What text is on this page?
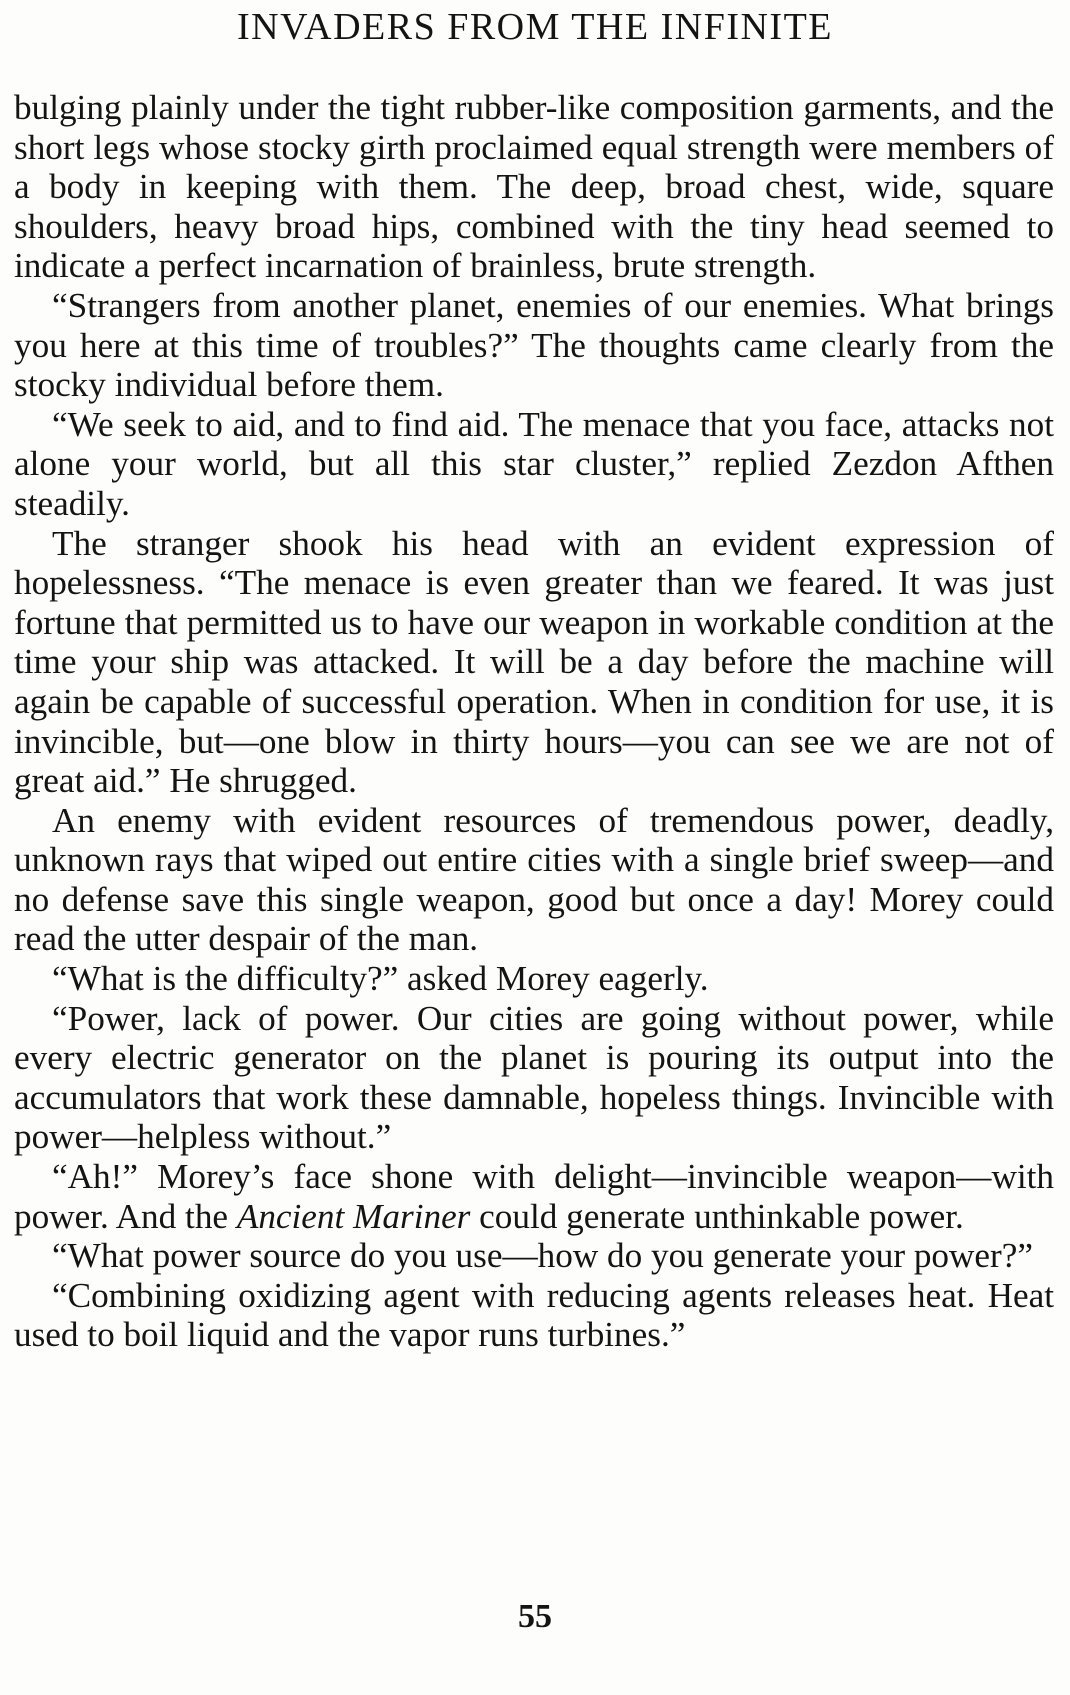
INVADERS FROM THE INFINITE

bulging plainly under the tight rubber-like composition garments, and the short legs whose stocky girth proclaimed equal strength were members of a body in keeping with them. The deep, broad chest, wide, square shoulders, heavy broad hips, combined with the tiny head seemed to indicate a perfect incarnation of brainless, brute strength.

“Strangers from another planet, enemies of our enemies. What brings you here at this time of troubles?” The thoughts came clearly from the stocky individual before them.

“We seek to aid, and to find aid. The menace that you face, attacks not alone your world, but all this star cluster,” replied Zezdon Afthen steadily.

The stranger shook his head with an evident expression of hopelessness. “The menace is even greater than we feared. It was just fortune that permitted us to have our weapon in workable condition at the time your ship was attacked. It will be a day before the machine will again be capable of successful operation. When in condition for use, it is invincible, but—one blow in thirty hours—you can see we are not of great aid.” He shrugged.

An enemy with evident resources of tremendous power, deadly, unknown rays that wiped out entire cities with a single brief sweep—and no defense save this single weapon, good but once a day! Morey could read the utter despair of the man.

“What is the difficulty?” asked Morey eagerly.

“Power, lack of power. Our cities are going without power, while every electric generator on the planet is pouring its output into the accumulators that work these damnable, hopeless things. Invincible with power—helpless without.”

“Ah!” Morey’s face shone with delight—invincible weapon—with power. And the Ancient Mariner could generate unthinkable power.

“What power source do you use—how do you generate your power?”

“Combining oxidizing agent with reducing agents releases heat. Heat used to boil liquid and the vapor runs turbines.”

55
